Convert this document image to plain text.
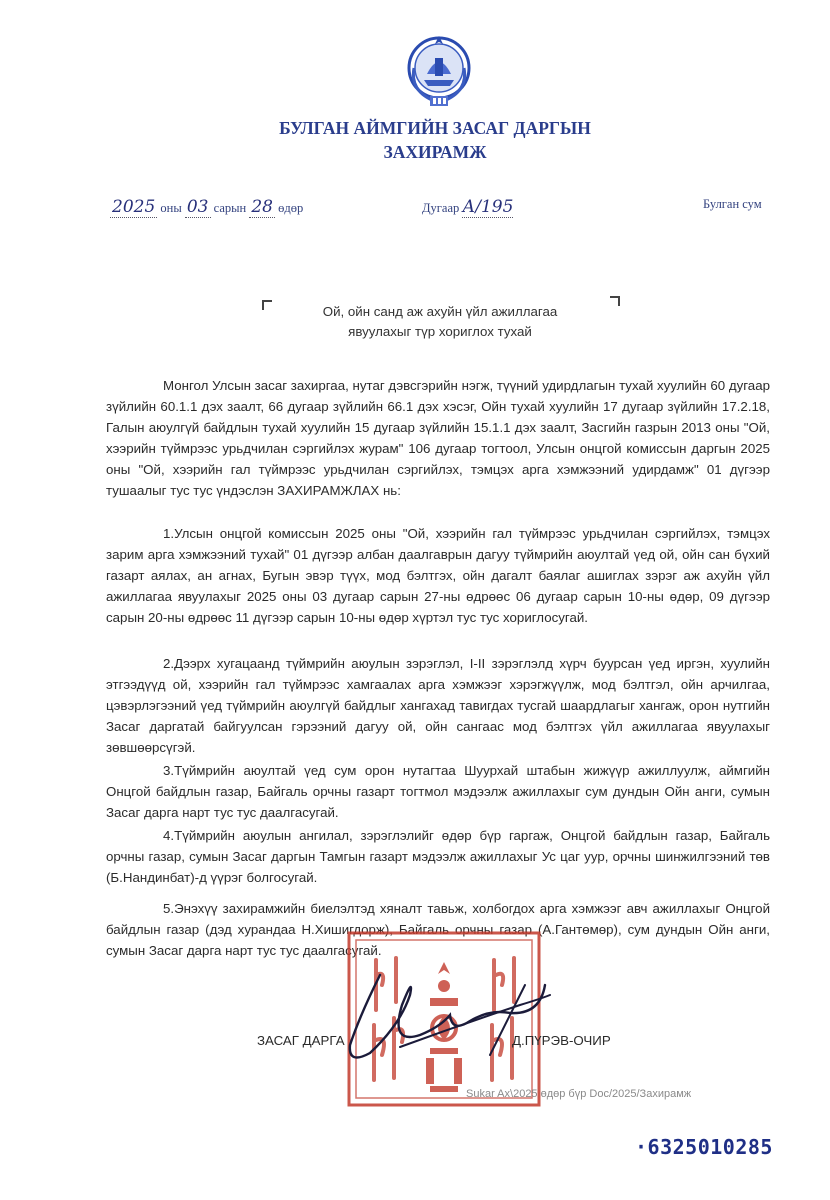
БУЛГАН АЙМГИЙН ЗАСАГ ДАРГЫН
ЗАХИРАМЖ
2025 оны 03 сарын 28 өдөр	Дугаар А/195	Булган сум
Ой, ойн санд аж ахуйн үйл ажиллагаа
явуулахыг түр хориглох тухай

Монгол Улсын засаг захиргаа, нутаг дэвсгэрийн нэгж, түүний удирдлагын тухай хуулийн 60 дугаар зүйлийн 60.1.1 дэх заалт, 66 дугаар зүйлийн 66.1 дэх хэсэг, Ойн тухай хуулийн 17 дугаар зүйлийн 17.2.18, Галын аюулгүй байдлын тухай хуулийн 15 дугаар зүйлийн 15.1.1 дэх заалт, Засгийн газрын 2013 оны "Ой, хээрийн түймрээс урьдчилан сэргийлэх журам" 106 дугаар тогтоол, Улсын онцгой комиссын даргын 2025 оны "Ой, хээрийн гал түймрээс урьдчилан сэргийлэх, тэмцэх арга хэмжээний удирдамж" 01 дүгээр тушаалыг тус тус үндэслэн ЗАХИРАМЖЛАХ нь:

1.Улсын онцгой комиссын 2025 оны "Ой, хээрийн гал түймрээс урьдчилан сэргийлэх, тэмцэх зарим арга хэмжээний тухай" 01 дүгээр албан даалгаврын дагуу түймрийн аюултай үед ой, ойн сан бүхий газарт аялах, ан агнах, Бугын эвэр түүх, мод бэлтгэх, ойн дагалт баялаг ашиглах зэрэг аж ахуйн үйл ажиллагаа явуулахыг 2025 оны 03 дугаар сарын 27-ны өдрөөс 06 дугаар сарын 10-ны өдөр, 09 дүгээр сарын 20-ны өдрөөс 11 дүгээр сарын 10-ны өдөр хүртэл тус тус хориглосугай.

2.Дээрх хугацаанд түймрийн аюулын зэрэглэл, I-II зэрэглэлд хүрч буурсан үед иргэн, хуулийн этгээдүүд ой, хээрийн гал түймрээс хамгаалах арга хэмжээг хэрэгжүүлж, мод бэлтгэл, ойн арчилгаа, цэвэрлэгээний үед түймрийн аюулгүй байдлыг хангахад тавигдах тусгай шаардлагыг хангаж, орон нутгийн Засаг даргатай байгуулсан гэрээний дагуу ой, ойн сангаас мод бэлтгэх үйл ажиллагаа явуулахыг зөвшөөрсүгэй.

3.Түймрийн аюултай үед сум орон нутагтаа Шуурхай штабын жижүүр ажиллуулж, аймгийн Онцгой байдлын газар, Байгаль орчны газарт тогтмол мэдээлж ажиллахыг сум дундын Ойн анги, сумын Засаг дарга нарт тус тус даалгасугай.

4.Түймрийн аюулын ангилал, зэрэглэлийг өдөр бүр гаргаж, Онцгой байдлын газар, Байгаль орчны газар, сумын Засаг даргын Тамгын газарт мэдээлж ажиллахыг Ус цаг уур, орчны шинжилгээний төв (Б.Нандинбат)-д үүрэг болгосугай.

5.Энэхүү захирамжийн биелэлтэд хяналт тавьж, холбогдох арга хэмжээг авч ажиллахыг Онцгой байдлын газар (дэд хурандаа Н.Хишигдорж), Байгаль орчны газар (А.Гантөмөр), сум дундын Ойн анги, сумын Засаг дарга нарт тус тус даалгасугай.

ЗАСАГ ДАРГА	Д.ПҮРЭВ-ОЧИР
Sukar Ax\2025 өдөр бүр Doc/2025/Захирамж
·6325010285
